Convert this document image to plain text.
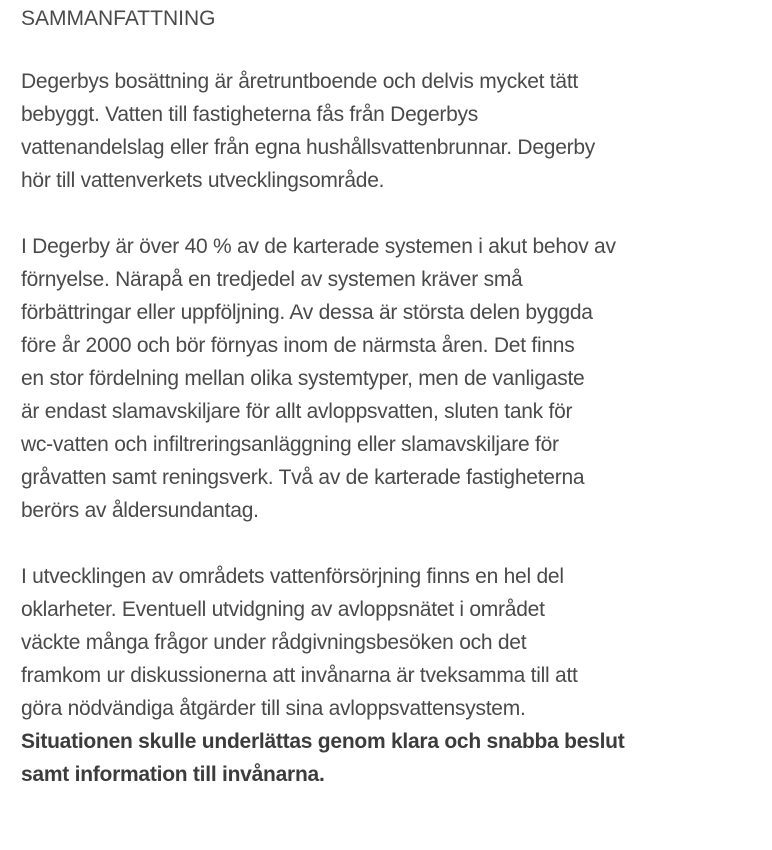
SAMMANFATTNING
Degerbys bosättning är åretruntboende och delvis mycket tätt
bebyggt. Vatten till fastigheterna fås från Degerbys
vattenandelslag eller från egna hushållsvattenbrunnar. Degerby
hör till vattenverkets utvecklingsområde.
I Degerby är över 40 % av de karterade systemen i akut behov av
förnyelse. Närapå en tredjedel av systemen kräver små
förbättringar eller uppföljning. Av dessa är största delen byggda
före år 2000 och bör förnyas inom de närmsta åren. Det finns
en stor fördelning mellan olika systemtyper, men de vanligaste
är endast slamavskiljare för allt avloppsvatten, sluten tank för
wc-vatten och infiltreringsanläggning eller slamavskiljare för
gråvatten samt reningsverk. Två av de karterade fastigheterna
berörs av åldersundantag.
I utvecklingen av områdets vattenförsörjning finns en hel del
oklarheter. Eventuell utvidgning av avloppsnätet i området
väckte många frågor under rådgivningsbesöken och det
framkom ur diskussionerna att invånarna är tveksamma till att
göra nödvändiga åtgärder till sina avloppsvattensystem.
Situationen skulle underlättas genom klara och snabba beslut
samt information till invånarna.
